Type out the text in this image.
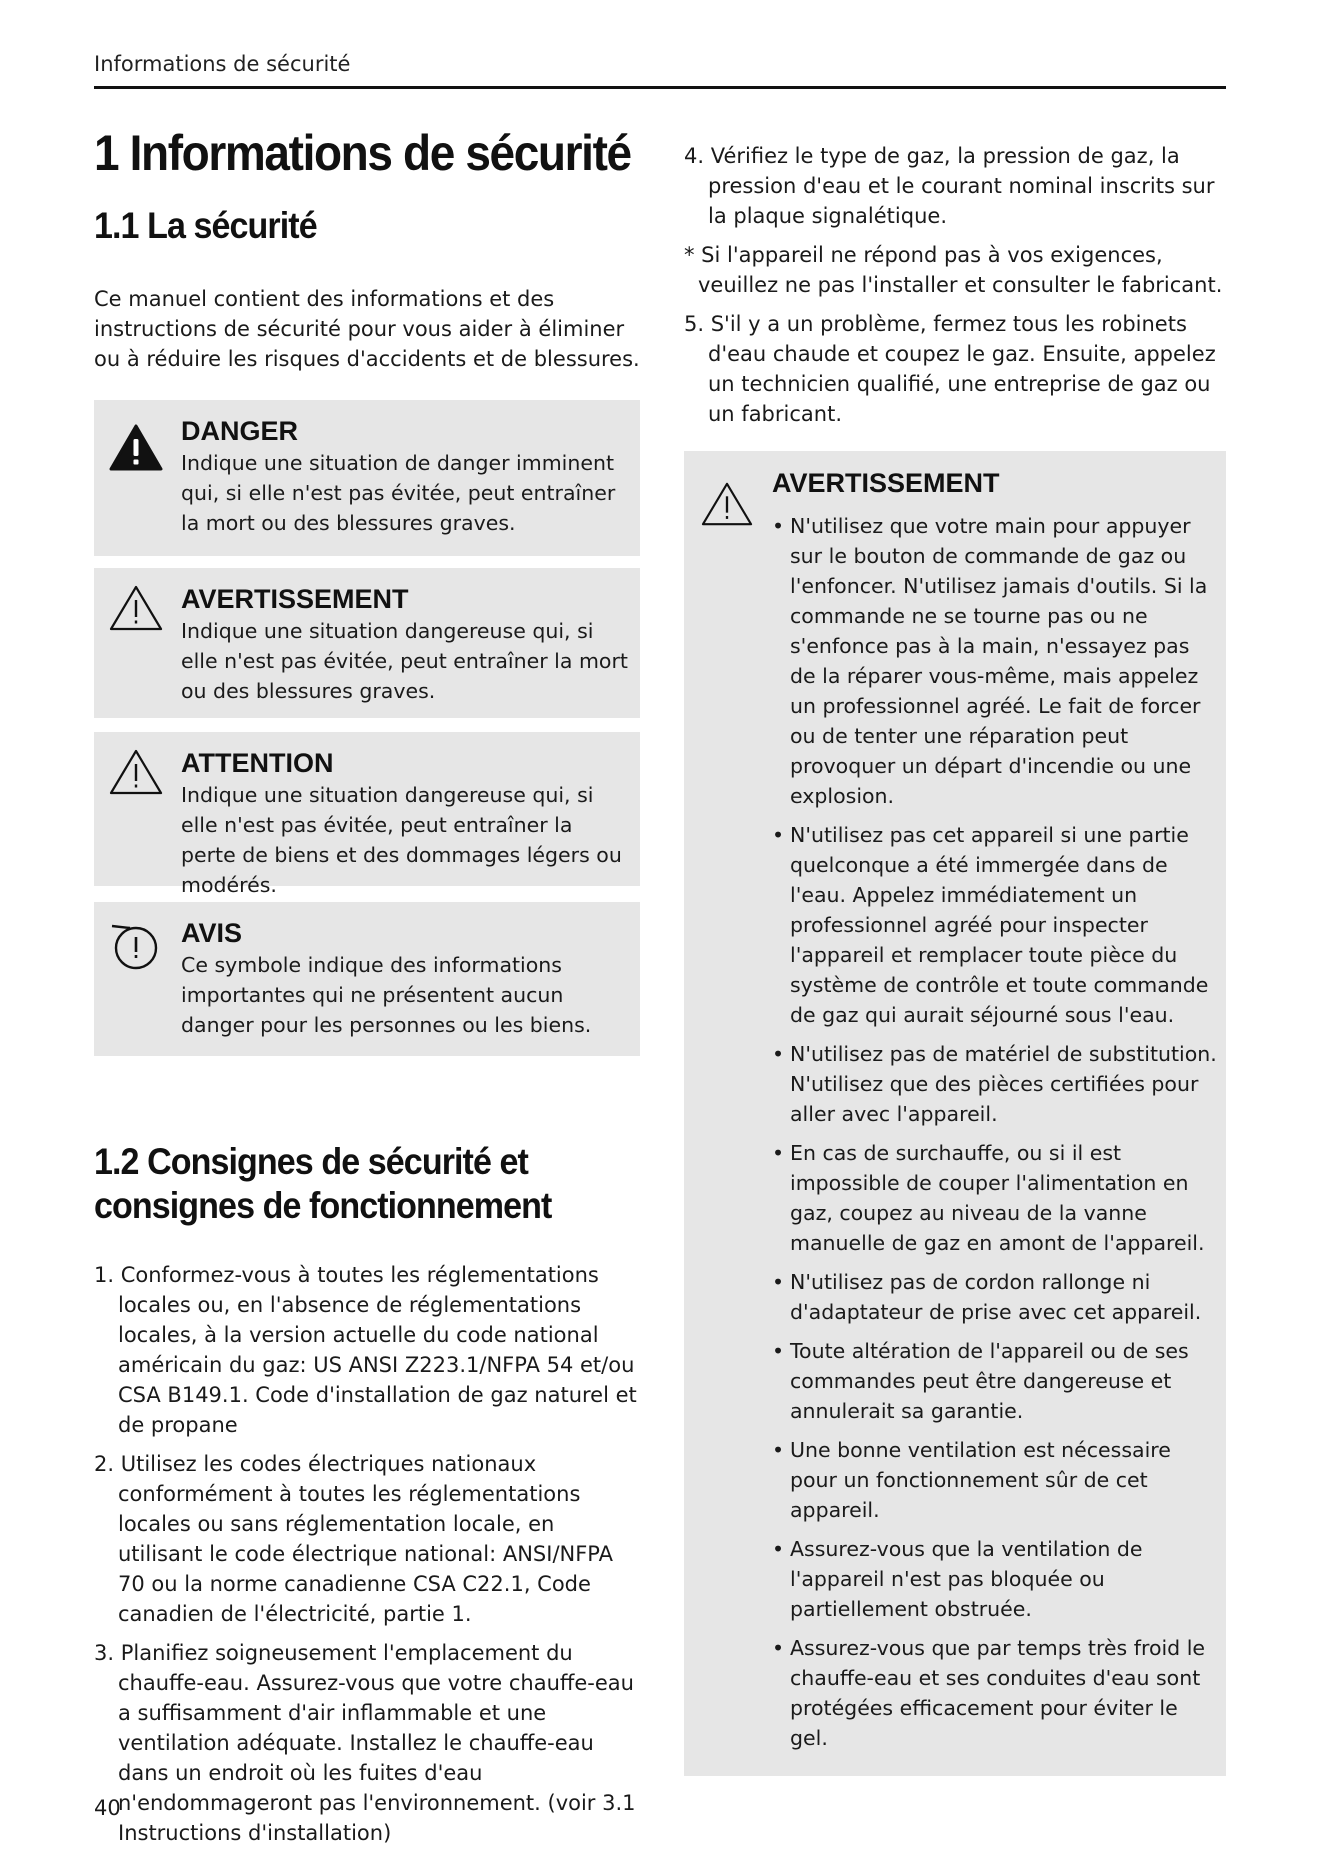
Informations de sécurité
1 Informations de sécurité
1.1 La sécurité

Ce manuel contient des informations et des instructions de sécurité pour vous aider à éliminer ou à réduire les risques d'accidents et de blessures.

DANGER
Indique une situation de danger imminent qui, si elle n'est pas évitée, peut entraîner la mort ou des blessures graves.
AVERTISSEMENT
Indique une situation dangereuse qui, si elle n'est pas évitée, peut entraîner la mort ou des blessures graves.
ATTENTION
Indique une situation dangereuse qui, si elle n'est pas évitée, peut entraîner la perte de biens et des dommages légers ou modérés.
AVIS
Ce symbole indique des informations importantes qui ne présentent aucun danger pour les personnes ou les biens.
1.2 Consignes de sécurité et consignes de fonctionnement
1. Conformez-vous à toutes les réglementations locales ou, en l'absence de réglementations locales, à la version actuelle du code national américain du gaz: US ANSI Z223.1/NFPA 54 et/ou CSA B149.1. Code d'installation de gaz naturel et de propane
2. Utilisez les codes électriques nationaux conformément à toutes les réglementations locales ou sans réglementation locale, en utilisant le code électrique national: ANSI/NFPA 70 ou la norme canadienne CSA C22.1, Code canadien de l'électricité, partie 1.
3. Planifiez soigneusement l'emplacement du chauffe-eau. Assurez-vous que votre chauffe-eau a suffisamment d'air inflammable et une ventilation adéquate. Installez le chauffe-eau dans un endroit où les fuites d'eau n'endommageront pas l'environnement. (voir 3.1 Instructions d'installation)
4. Vérifiez le type de gaz, la pression de gaz, la pression d'eau et le courant nominal inscrits sur la plaque signalétique.
* Si l'appareil ne répond pas à vos exigences, veuillez ne pas l'installer et consulter le fabricant.
5. S'il y a un problème, fermez tous les robinets d'eau chaude et coupez le gaz. Ensuite, appelez un technicien qualifié, une entreprise de gaz ou un fabricant.
AVERTISSEMENT
• N'utilisez que votre main pour appuyer sur le bouton de commande de gaz ou l'enfoncer. N'utilisez jamais d'outils. Si la commande ne se tourne pas ou ne s'enfonce pas à la main, n'essayez pas de la réparer vous-même, mais appelez un professionnel agréé. Le fait de forcer ou de tenter une réparation peut provoquer un départ d'incendie ou une explosion.
• N'utilisez pas cet appareil si une partie quelconque a été immergée dans de l'eau. Appelez immédiatement un professionnel agréé pour inspecter l'appareil et remplacer toute pièce du système de contrôle et toute commande de gaz qui aurait séjourné sous l'eau.
• N'utilisez pas de matériel de substitution. N'utilisez que des pièces certifiées pour aller avec l'appareil.
• En cas de surchauffe, ou si il est impossible de couper l'alimentation en gaz, coupez au niveau de la vanne manuelle de gaz en amont de l'appareil.
• N'utilisez pas de cordon rallonge ni d'adaptateur de prise avec cet appareil.
• Toute altération de l'appareil ou de ses commandes peut être dangereuse et annulerait sa garantie.
• Une bonne ventilation est nécessaire pour un fonctionnement sûr de cet appareil.
• Assurez-vous que la ventilation de l'appareil n'est pas bloquée ou partiellement obstruée.
• Assurez-vous que par temps très froid le chauffe-eau et ses conduites d'eau sont protégées efficacement pour éviter le gel.
40
